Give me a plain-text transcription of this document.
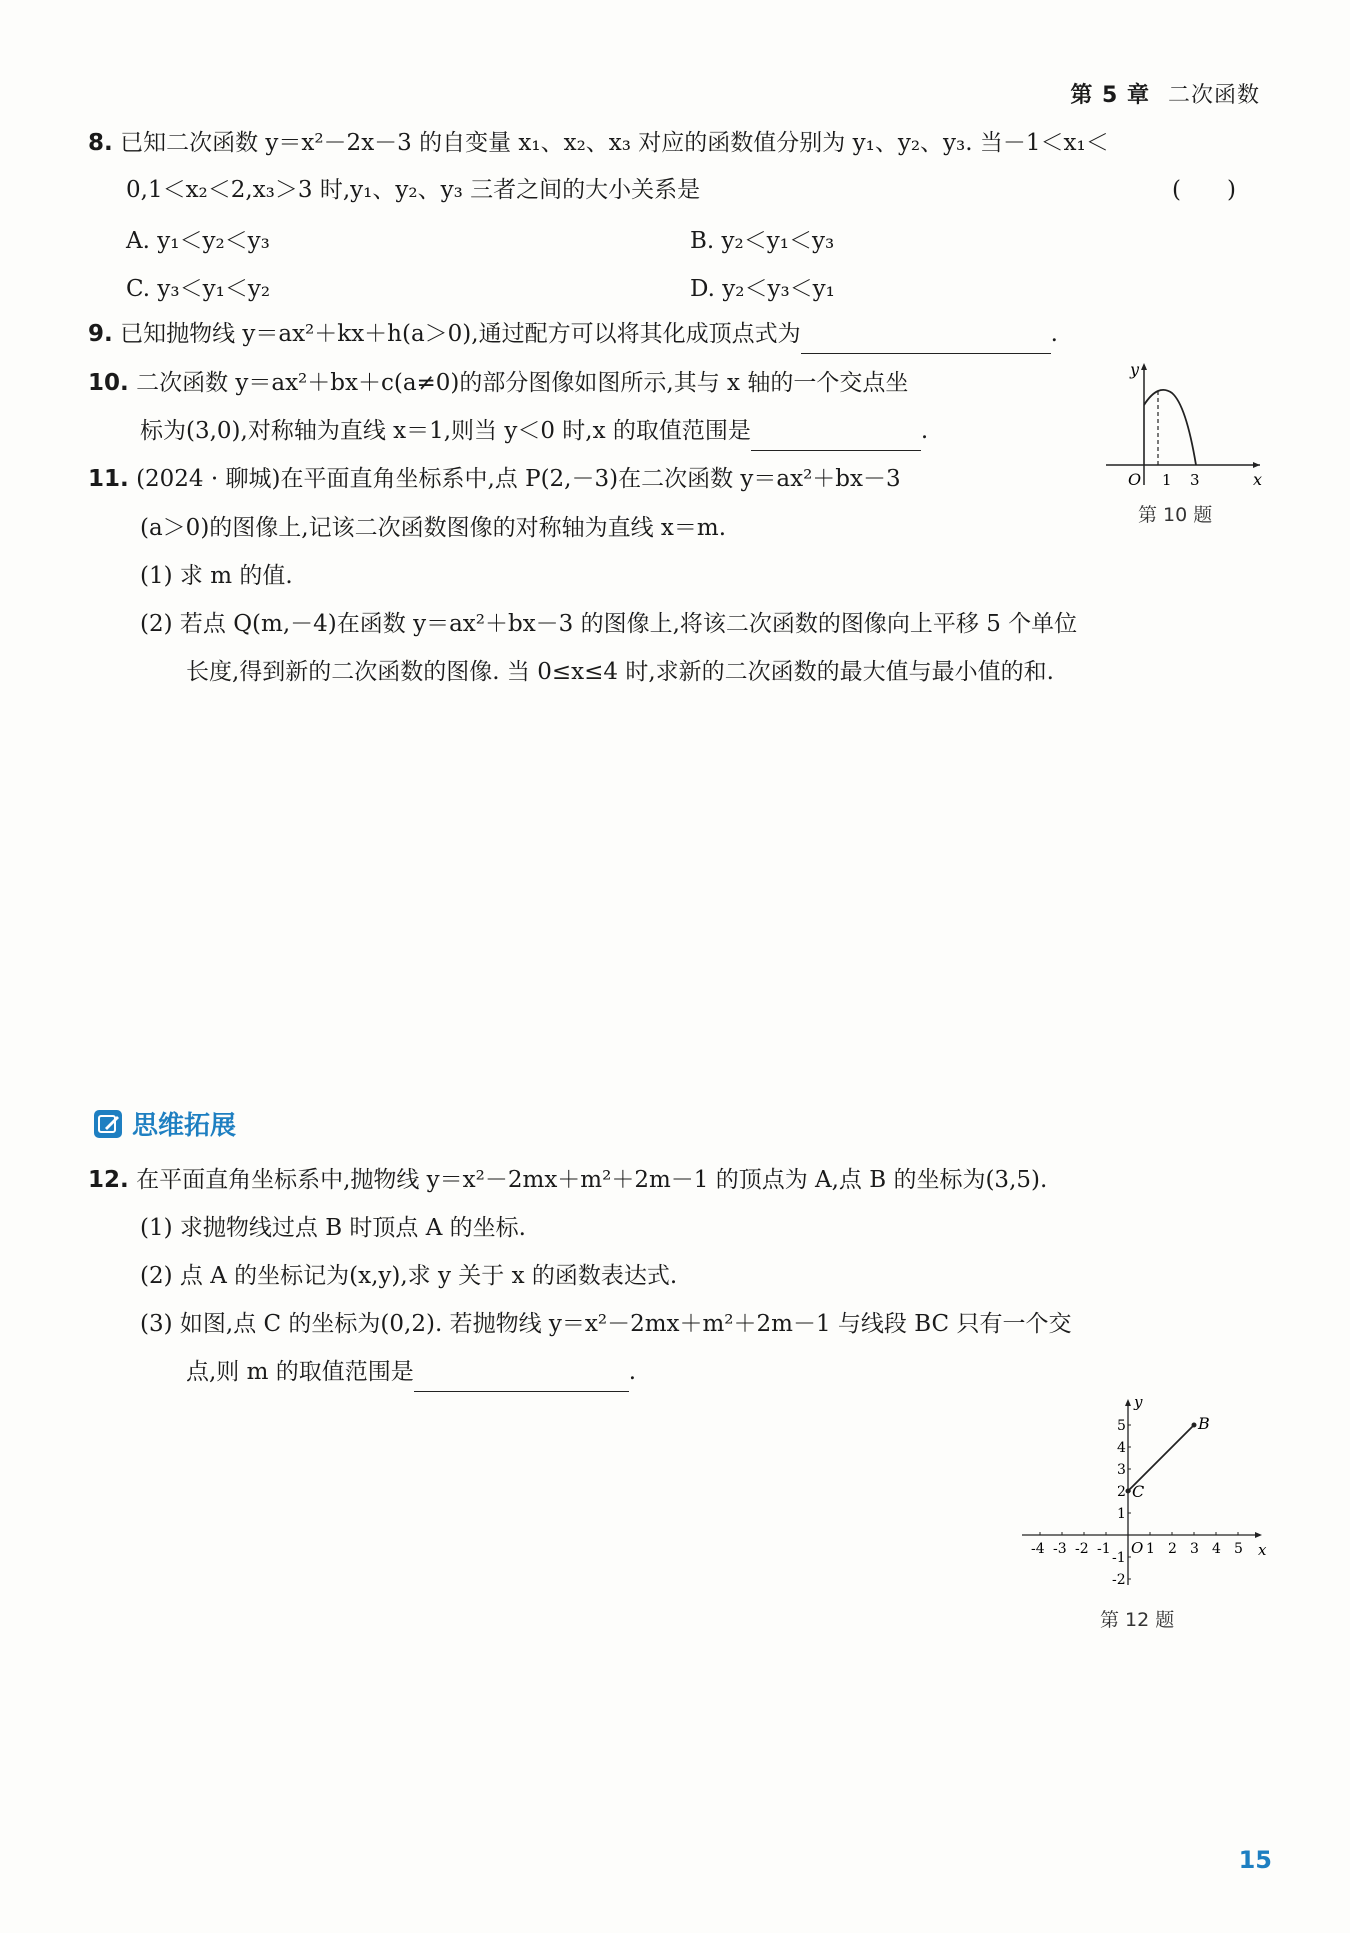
第 5 章 二次函数
8. 已知二次函数 y＝x²－2x－3 的自变量 x₁、x₂、x₃ 对应的函数值分别为 y₁、y₂、y₃. 当－1＜x₁＜
0,1＜x₂＜2,x₃＞3 时,y₁、y₂、y₃ 三者之间的大小关系是	(　　)
A. y₁＜y₂＜y₃	B. y₂＜y₁＜y₃
C. y₃＜y₁＜y₂	D. y₂＜y₃＜y₁
9. 已知抛物线 y＝ax²＋kx＋h(a＞0),通过配方可以将其化成顶点式为	.
10. 二次函数 y＝ax²＋bx＋c(a≠0)的部分图像如图所示,其与 x 轴的一个交点坐
标为(3,0),对称轴为直线 x＝1,则当 y＜0 时,x 的取值范围是	.
y
x
O 1 3
第 10 题
11. (2024 · 聊城)在平面直角坐标系中,点 P(2,－3)在二次函数 y＝ax²＋bx－3
(a＞0)的图像上,记该二次函数图像的对称轴为直线 x＝m.
(1) 求 m 的值.
(2) 若点 Q(m,－4)在函数 y＝ax²＋bx－3 的图像上,将该二次函数的图像向上平移 5 个单位
长度,得到新的二次函数的图像. 当 0≤x≤4 时,求新的二次函数的最大值与最小值的和.
思维拓展
12. 在平面直角坐标系中,抛物线 y＝x²－2mx＋m²＋2m－1 的顶点为 A,点 B 的坐标为(3,5).
(1) 求抛物线过点 B 时顶点 A 的坐标.
(2) 点 A 的坐标记为(x,y),求 y 关于 x 的函数表达式.
(3) 如图,点 C 的坐标为(0,2). 若抛物线 y＝x²－2mx＋m²＋2m－1 与线段 BC 只有一个交
点,则 m 的取值范围是	.
-4 -3 -2 -1	1 2 3 4 5
5
4
3
2
1
-1
-2
y
x
O
B
C
第 12 题
15
